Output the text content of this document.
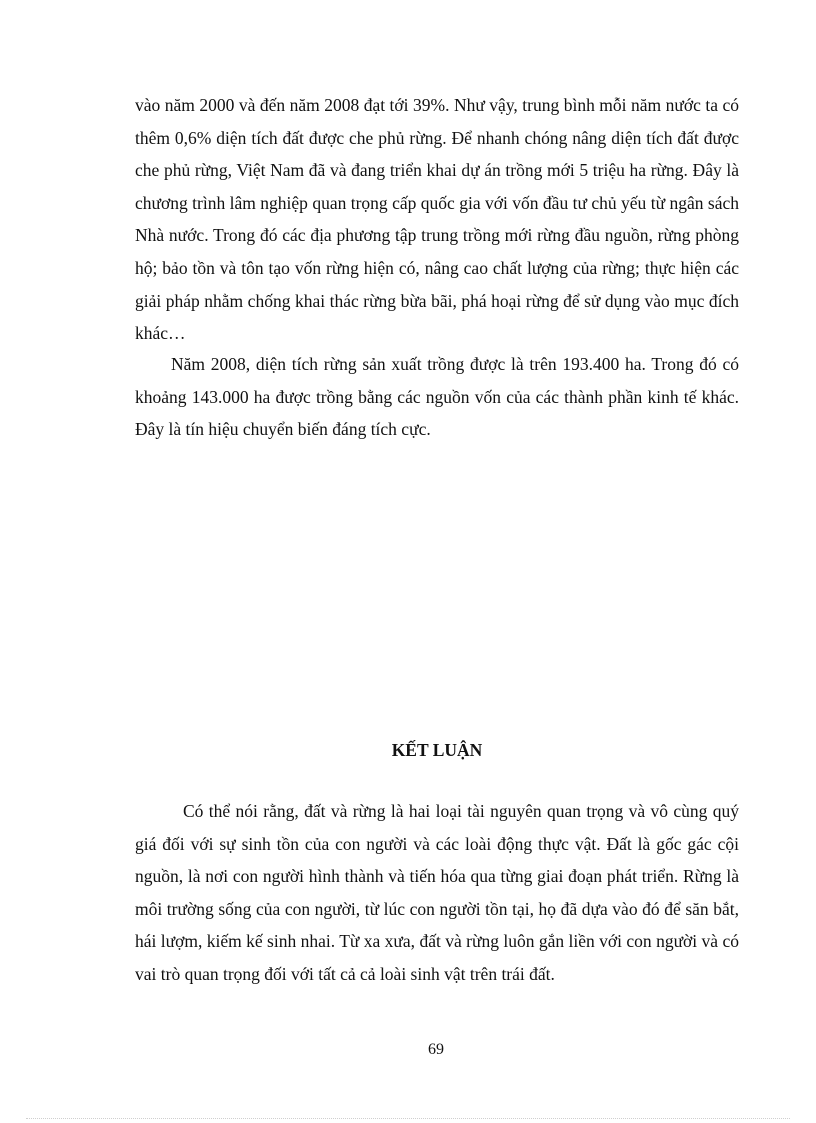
vào năm 2000 và đến năm 2008 đạt tới 39%. Như vậy, trung bình mỗi năm nước ta có thêm 0,6% diện tích đất được che phủ rừng. Để nhanh chóng nâng diện tích đất được che phủ rừng, Việt Nam đã và đang triển khai dự án trồng mới 5 triệu ha rừng. Đây là chương trình lâm nghiệp quan trọng cấp quốc gia với vốn đầu tư chủ yếu từ ngân sách Nhà nước. Trong đó các địa phương tập trung trồng mới rừng đầu nguồn, rừng phòng hộ; bảo tồn và tôn tạo vốn rừng hiện có, nâng cao chất lượng của rừng; thực hiện các giải pháp nhằm chống khai thác rừng bừa bãi, phá hoại rừng để sử dụng vào mục đích khác…

Năm 2008, diện tích rừng sản xuất trồng được là trên 193.400 ha. Trong đó có khoảng 143.000 ha được trồng bằng các nguồn vốn của các thành phần kinh tế khác. Đây là tín hiệu chuyển biến đáng tích cực.

KẾT LUẬN

Có thể nói rằng, đất và rừng là hai loại tài nguyên quan trọng và vô cùng quý giá đối với sự sinh tồn của con người và các loài động thực vật. Đất là gốc gác cội nguồn, là nơi con người hình thành và tiến hóa qua từng giai đoạn phát triển. Rừng là môi trường sống của con người, từ lúc con người tồn tại, họ đã dựa vào đó để săn bắt, hái lượm, kiếm kế sinh nhai. Từ xa xưa, đất và rừng luôn gắn liền với con người và có vai trò quan trọng đối với tất cả cả loài sinh vật trên trái đất.

69
